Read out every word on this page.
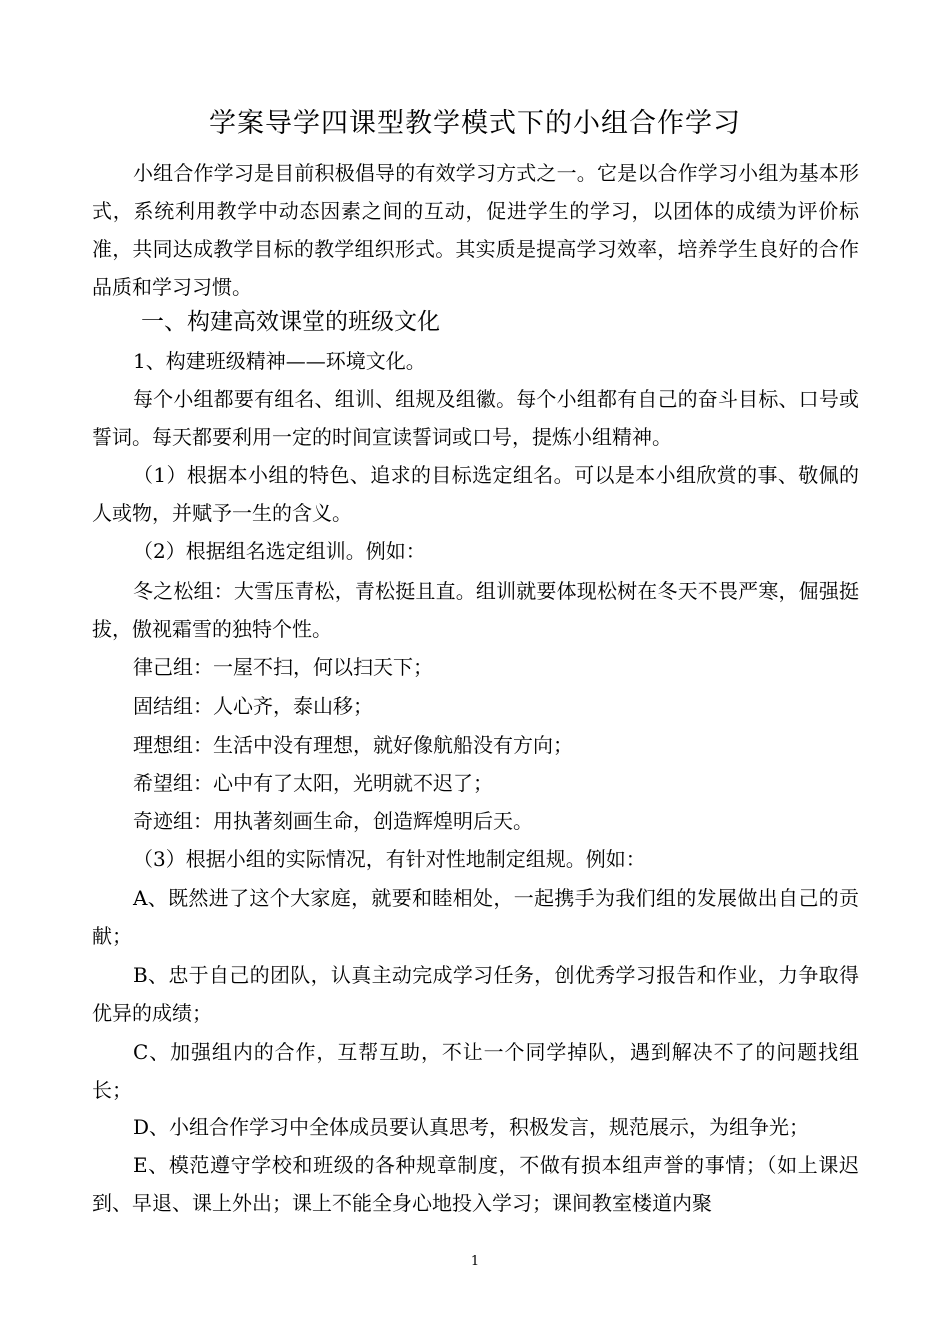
学案导学四课型教学模式下的小组合作学习

小组合作学习是目前积极倡导的有效学习方式之一。它是以合作学习小组为基本形式，系统利用教学中动态因素之间的互动，促进学生的学习，以团体的成绩为评价标准，共同达成教学目标的教学组织形式。其实质是提高学习效率，培养学生良好的合作品质和学习习惯。

一、构建高效课堂的班级文化

1、构建班级精神——环境文化。

每个小组都要有组名、组训、组规及组徽。每个小组都有自己的奋斗目标、口号或誓词。每天都要利用一定的时间宣读誓词或口号，提炼小组精神。

（1）根据本小组的特色、追求的目标选定组名。可以是本小组欣赏的事、敬佩的人或物，并赋予一生的含义。

（2）根据组名选定组训。例如：

冬之松组：大雪压青松，青松挺且直。组训就要体现松树在冬天不畏严寒，倔强挺拔，傲视霜雪的独特个性。

律己组：一屋不扫，何以扫天下；

固结组：人心齐，泰山移；

理想组：生活中没有理想，就好像航船没有方向；

希望组：心中有了太阳，光明就不迟了；

奇迹组：用执著刻画生命，创造辉煌明后天。

（3）根据小组的实际情况，有针对性地制定组规。例如：

A、既然进了这个大家庭，就要和睦相处，一起携手为我们组的发展做出自己的贡献；

B、忠于自己的团队，认真主动完成学习任务，创优秀学习报告和作业，力争取得优异的成绩；

C、加强组内的合作，互帮互助，不让一个同学掉队，遇到解决不了的问题找组长；

D、小组合作学习中全体成员要认真思考，积极发言，规范展示，为组争光；

E、模范遵守学校和班级的各种规章制度，不做有损本组声誉的事情；（如上课迟到、早退、课上外出；课上不能全身心地投入学习；课间教室楼道内聚

1
